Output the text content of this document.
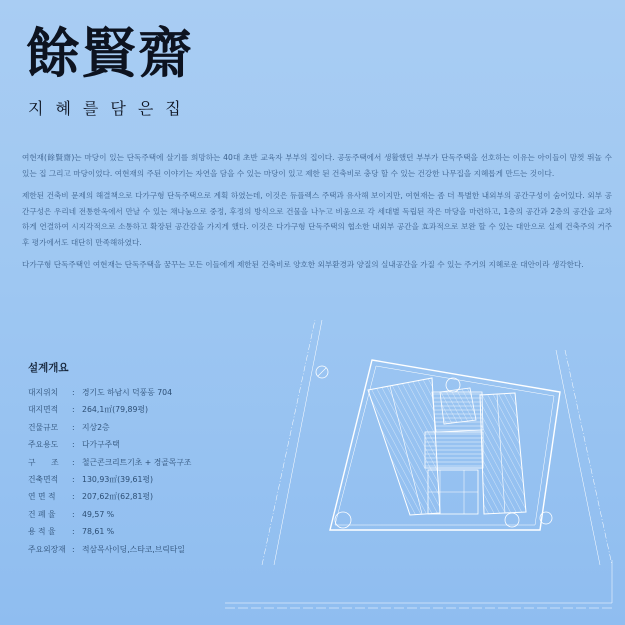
餘賢齋
지혜를담은집

여현재(餘賢齋)는 마당이 있는 단독주택에 살기를 희망하는 40대 초반 교육자 부부의 집이다. 공동주택에서 생활했던 부부가 단독주택을 선호하는 이유는 아이들이 맘껏 뛰놀 수 있는 집 그리고 마당이었다. 여현재의 주된 이야기는 자연을 담을 수 있는 마당이 있고 제한 된 건축비로 충당 할 수 있는 건강한 나무집을 지혜롭게 만드는 것이다.

제한된 건축비 문제의 해결책으로 다가구형 단독주택으로 계획 하였는데, 이것은 듀플렉스 주택과 유사해 보이지만, 여현재는 좀 더 특별한 내외부의 공간구성이 숨어있다. 외부 공간구성은 우리네 전통한옥에서 만날 수 있는 채나눔으로 중정, 후정의 방식으로 건물을 나누고 비움으로 각 세대별 독립된 작은 마당을 마련하고, 1층의 공간과 2층의 공간을 교차하게 연결하여 시지각적으로 소통하고 확장된 공간감을 가지게 했다. 이것은 다가구형 단독주택의 협소한 내외부 공간을 효과적으로 보완 할 수 있는 대안으로 실제 건축주의 거주 후 평가에서도 대단히 만족해하였다.

다가구형 단독주택인 여현재는 단독주택을 꿈꾸는 모든 이들에게 제한된 건축비로 양호한 외부환경과 양질의 실내공간을 가질 수 있는 주거의 지혜로운 대안이라 생각한다.

설계개요
대지위치 : 경기도 하남시 덕풍동 704
대지면적 : 264,1㎡(79,89평)
건물규모 : 지상2층
주요용도 : 다가구주택
구　　조 : 철근콘크리트기초 + 경골목구조
건축면적 : 130,93㎡(39,61평)
연 면 적 : 207,62㎡(62,81평)
건 폐 율 : 49,57 %
용 적 율 : 78,61 %
주요외장재 : 적삼목사이딩,스타코,브릭타일
